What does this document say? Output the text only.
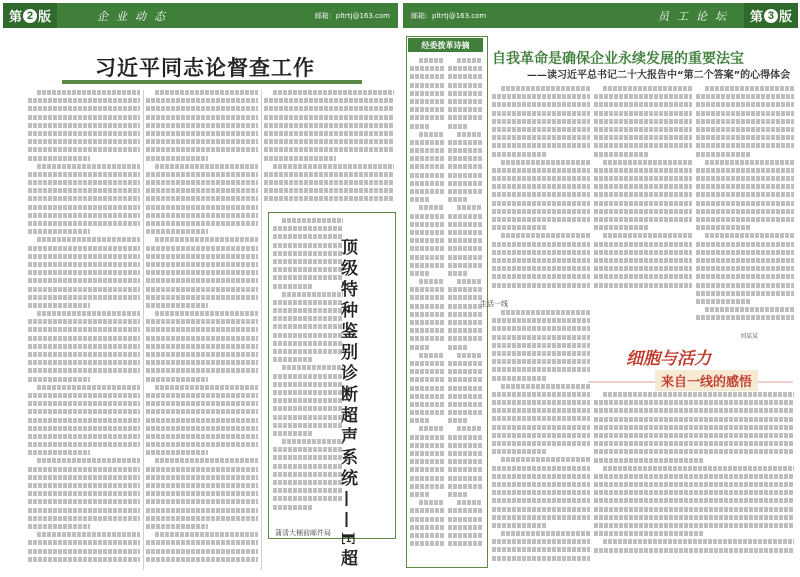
第 2 版	企业动态	邮箱：pltrtj@163.com	邮箱：pltrtj@163.com	员工论坛 第 3 版
习近平同志论督查工作
顶级特种鉴别诊断超声系统——E超
蒲清大桶前邮件局
经委拨革诗摘
自我革命是确保企业永续发展的重要法宝
——读习近平总书记二十大报告中“第二个答案”的心得体会
刘某某
生活一线
细胞与活力
来自一线的感悟
